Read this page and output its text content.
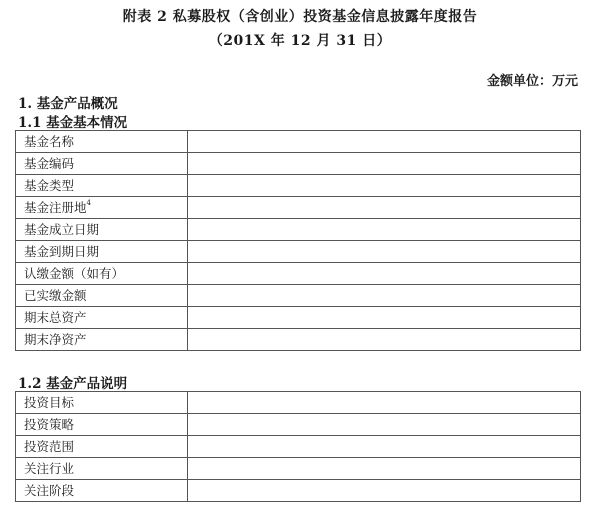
附表 2 私募股权（含创业）投资基金信息披露年度报告
（201X 年 12 月 31 日）
金额单位：万元
1. 基金产品概况
1.1 基金基本情况
基金名称	
基金编码	
基金类型	
基金注册地$^4$	
基金成立日期	
基金到期日期	
认缴金额（如有）	
已实缴金额	
期末总资产	
期末净资产	
1.2 基金产品说明
投资目标	
投资策略	
投资范围	
关注行业	
关注阶段	
